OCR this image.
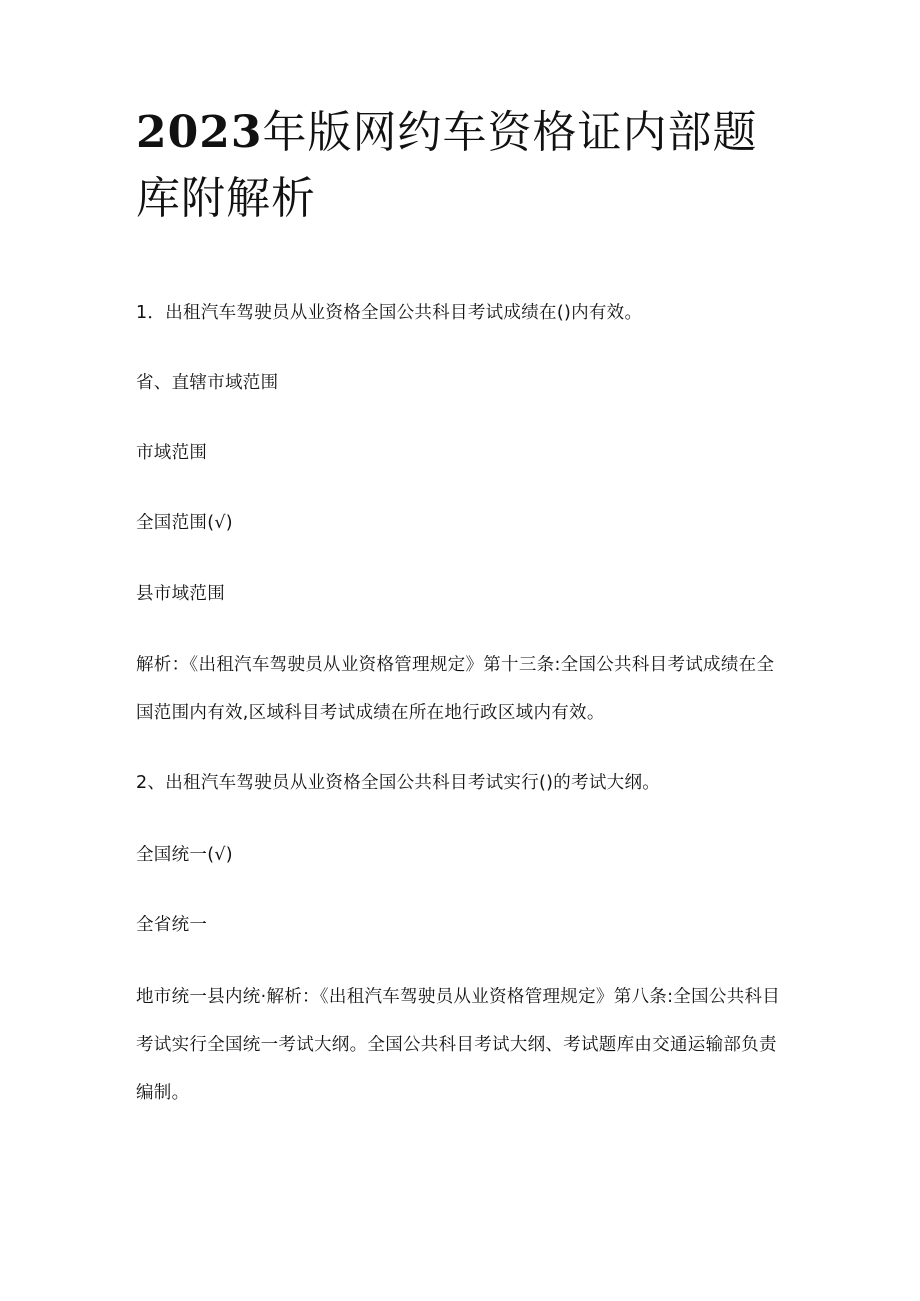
2023年版网约车资格证内部题库附解析

1．出租汽车驾驶员从业资格全国公共科目考试成绩在()内有效。

省、直辖市域范围

市域范围

全国范围(√)

县市域范围

解析：《出租汽车驾驶员从业资格管理规定》第十三条:全国公共科目考试成绩在全国范围内有效,区域科目考试成绩在所在地行政区域内有效。

2、出租汽车驾驶员从业资格全国公共科目考试实行()的考试大纲。

全国统一(√)

全省统一

地市统一县内统·解析：《出租汽车驾驶员从业资格管理规定》第八条:全国公共科目考试实行全国统一考试大纲。全国公共科目考试大纲、考试题库由交通运输部负责编制。
